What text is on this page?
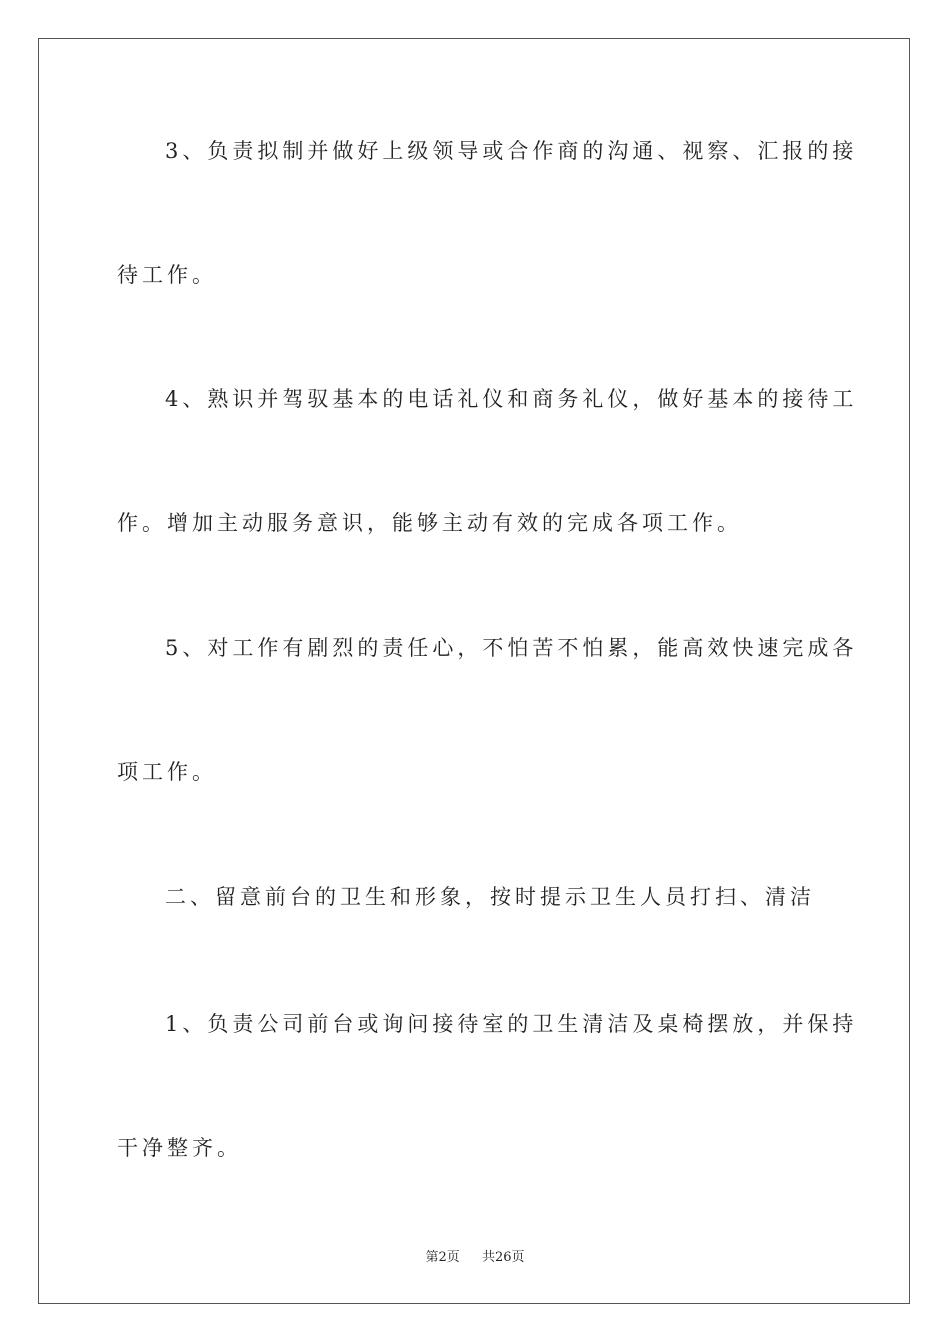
3、负责拟制并做好上级领导或合作商的沟通、视察、汇报的接
待工作。
4、熟识并驾驭基本的电话礼仪和商务礼仪，做好基本的接待工
作。增加主动服务意识，能够主动有效的完成各项工作。
5、对工作有剧烈的责任心，不怕苦不怕累，能高效快速完成各
项工作。
二、留意前台的卫生和形象，按时提示卫生人员打扫、清洁
1、负责公司前台或询问接待室的卫生清洁及桌椅摆放，并保持
干净整齐。
第2页 共26页
